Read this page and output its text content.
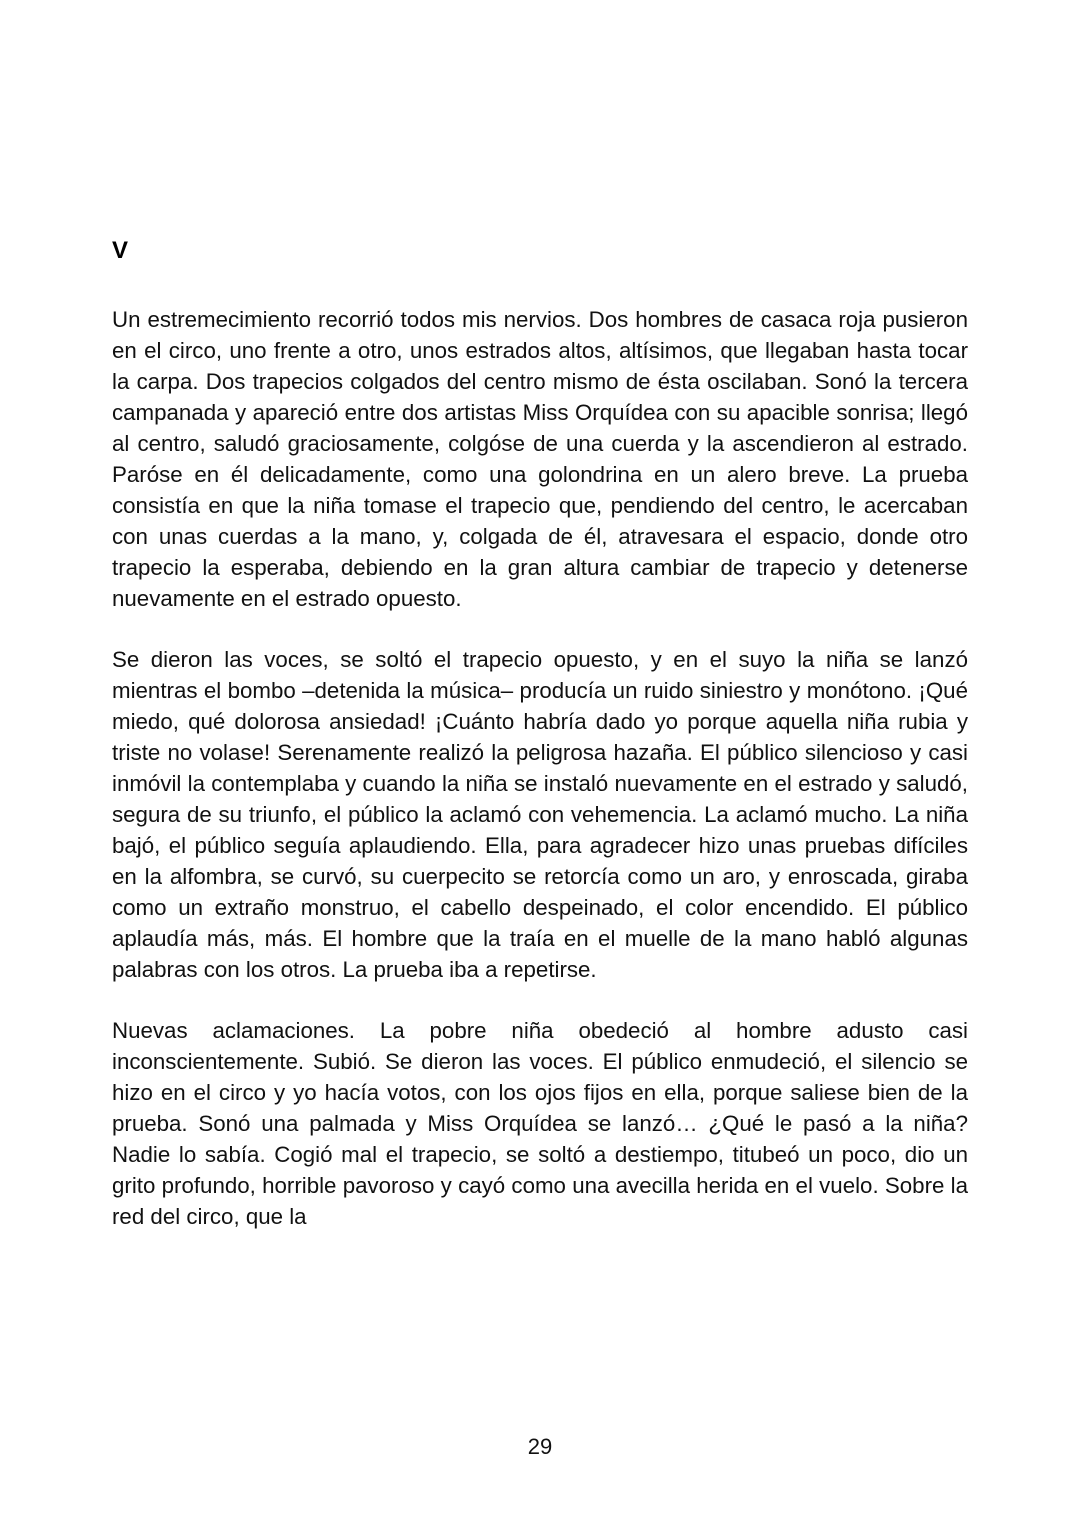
V

Un estremecimiento recorrió todos mis nervios. Dos hombres de casaca roja pusieron en el circo, uno frente a otro, unos estrados altos, altísimos, que llegaban hasta tocar la carpa. Dos trapecios colgados del centro mismo de ésta oscilaban. Sonó la tercera campanada y apareció entre dos artistas Miss Orquídea con su apacible sonrisa; llegó al centro, saludó graciosamente, colgóse de una cuerda y la ascendieron al estrado. Paróse en él delicadamente, como una golondrina en un alero breve. La prueba consistía en que la niña tomase el trapecio que, pendiendo del centro, le acercaban con unas cuerdas a la mano, y, colgada de él, atravesara el espacio, donde otro trapecio la esperaba, debiendo en la gran altura cambiar de trapecio y detenerse nuevamente en el estrado opuesto.

Se dieron las voces, se soltó el trapecio opuesto, y en el suyo la niña se lanzó mientras el bombo –detenida la música– producía un ruido siniestro y monótono. ¡Qué miedo, qué dolorosa ansiedad! ¡Cuánto habría dado yo porque aquella niña rubia y triste no volase! Serenamente realizó la peligrosa hazaña. El público silencioso y casi inmóvil la contemplaba y cuando la niña se instaló nuevamente en el estrado y saludó, segura de su triunfo, el público la aclamó con vehemencia. La aclamó mucho. La niña bajó, el público seguía aplaudiendo. Ella, para agradecer hizo unas pruebas difíciles en la alfombra, se curvó, su cuerpecito se retorcía como un aro, y enroscada, giraba como un extraño monstruo, el cabello despeinado, el color encendido. El público aplaudía más, más. El hombre que la traía en el muelle de la mano habló algunas palabras con los otros. La prueba iba a repetirse.

Nuevas aclamaciones. La pobre niña obedeció al hombre adusto casi inconscientemente. Subió. Se dieron las voces. El público enmudeció, el silencio se hizo en el circo y yo hacía votos, con los ojos fijos en ella, porque saliese bien de la prueba. Sonó una palmada y Miss Orquídea se lanzó… ¿Qué le pasó a la niña? Nadie lo sabía. Cogió mal el trapecio, se soltó a destiempo, titubeó un poco, dio un grito profundo, horrible pavoroso y cayó como una avecilla herida en el vuelo. Sobre la red del circo, que la

29
